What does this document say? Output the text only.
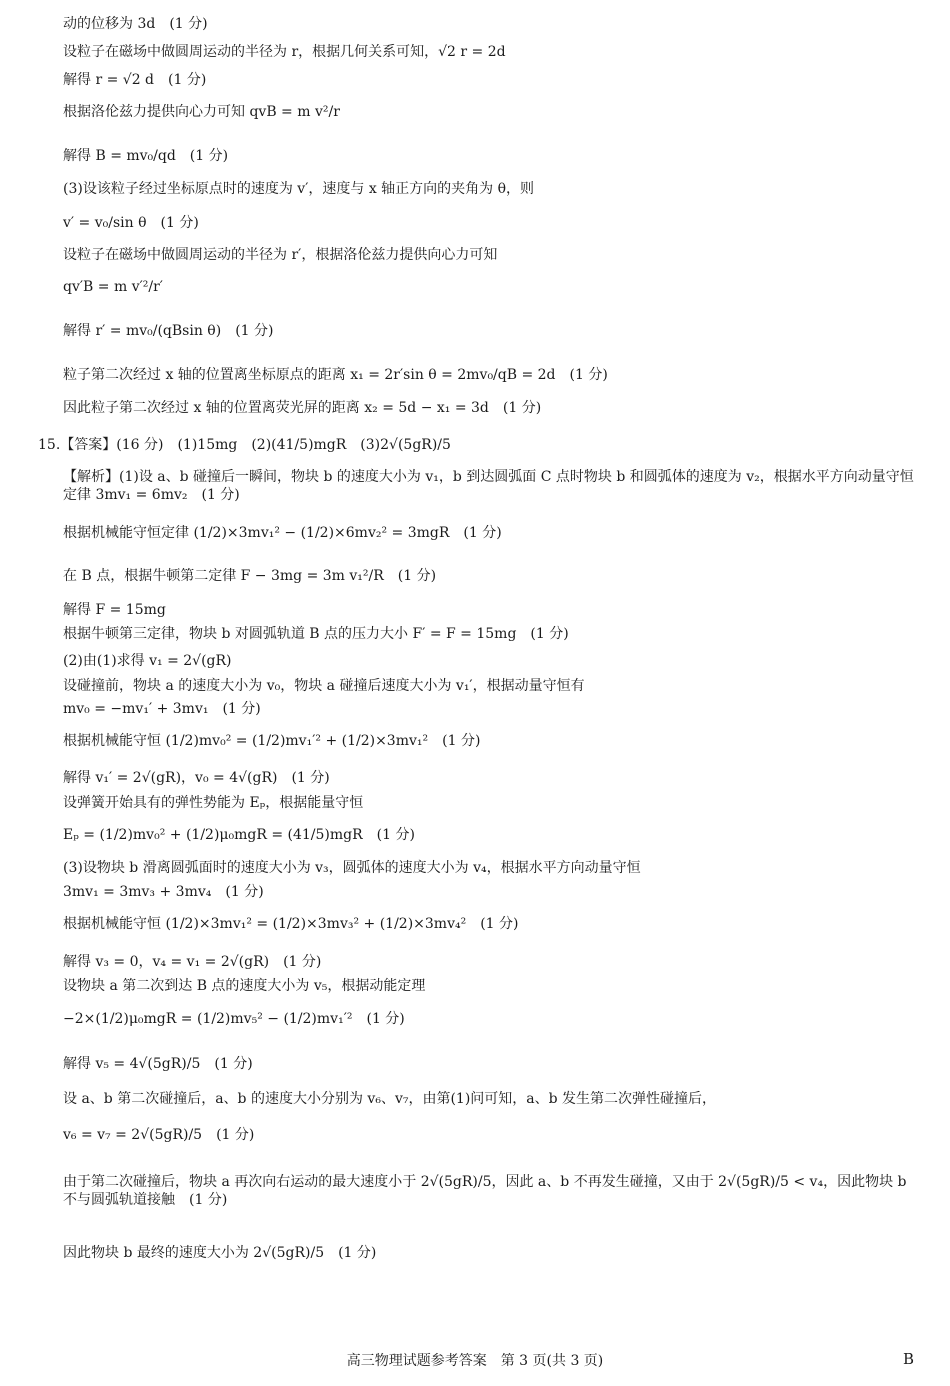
动的位移为 3d　(1 分)
设粒子在磁场中做圆周运动的半径为 r，根据几何关系可知，√2 r = 2d
解得 r = √2 d　(1 分)
根据洛伦兹力提供向心力可知 qvB = m v²/r
解得 B = mv₀/qd　(1 分)
(3)设该粒子经过坐标原点时的速度为 v′，速度与 x 轴正方向的夹角为 θ，则
v′ = v₀/sin θ　(1 分)
设粒子在磁场中做圆周运动的半径为 r′，根据洛伦兹力提供向心力可知
qv′B = m v′²/r′
解得 r′ = mv₀/(qBsin θ)　(1 分)
粒子第二次经过 x 轴的位置离坐标原点的距离 x₁ = 2r′sin θ = 2mv₀/qB = 2d　(1 分)
因此粒子第二次经过 x 轴的位置离荧光屏的距离 x₂ = 5d − x₁ = 3d　(1 分)
15.【答案】(16 分)　(1)15mg　(2)(41/5)mgR　(3)2√(5gR)/5
【解析】(1)设 a、b 碰撞后一瞬间，物块 b 的速度大小为 v₁，b 到达圆弧面 C 点时物块 b 和圆弧体的速度为 v₂，根据水平方向动量守恒定律 3mv₁ = 6mv₂　(1 分)
根据机械能守恒定律 (1/2)×3mv₁² − (1/2)×6mv₂² = 3mgR　(1 分)
在 B 点，根据牛顿第二定律 F − 3mg = 3m v₁²/R　(1 分)
解得 F = 15mg
根据牛顿第三定律，物块 b 对圆弧轨道 B 点的压力大小 F′ = F = 15mg　(1 分)
(2)由(1)求得 v₁ = 2√(gR)
设碰撞前，物块 a 的速度大小为 v₀，物块 a 碰撞后速度大小为 v₁′，根据动量守恒有
mv₀ = −mv₁′ + 3mv₁　(1 分)
根据机械能守恒 (1/2)mv₀² = (1/2)mv₁′² + (1/2)×3mv₁²　(1 分)
解得 v₁′ = 2√(gR)，v₀ = 4√(gR)　(1 分)
设弹簧开始具有的弹性势能为 Eₚ，根据能量守恒
Eₚ = (1/2)mv₀² + (1/2)μ₀mgR = (41/5)mgR　(1 分)
(3)设物块 b 滑离圆弧面时的速度大小为 v₃，圆弧体的速度大小为 v₄，根据水平方向动量守恒
3mv₁ = 3mv₃ + 3mv₄　(1 分)
根据机械能守恒 (1/2)×3mv₁² = (1/2)×3mv₃² + (1/2)×3mv₄²　(1 分)
解得 v₃ = 0，v₄ = v₁ = 2√(gR)　(1 分)
设物块 a 第二次到达 B 点的速度大小为 v₅，根据动能定理
−2×(1/2)μ₀mgR = (1/2)mv₅² − (1/2)mv₁′²　(1 分)
解得 v₅ = 4√(5gR)/5　(1 分)
设 a、b 第二次碰撞后，a、b 的速度大小分别为 v₆、v₇，由第(1)问可知，a、b 发生第二次弹性碰撞后，
v₆ = v₇ = 2√(5gR)/5　(1 分)
由于第二次碰撞后，物块 a 再次向右运动的最大速度小于 2√(5gR)/5，因此 a、b 不再发生碰撞，又由于 2√(5gR)/5 < v₄，因此物块 b 不与圆弧轨道接触　(1 分)
因此物块 b 最终的速度大小为 2√(5gR)/5　(1 分)
高三物理试题参考答案　第 3 页(共 3 页)	B
